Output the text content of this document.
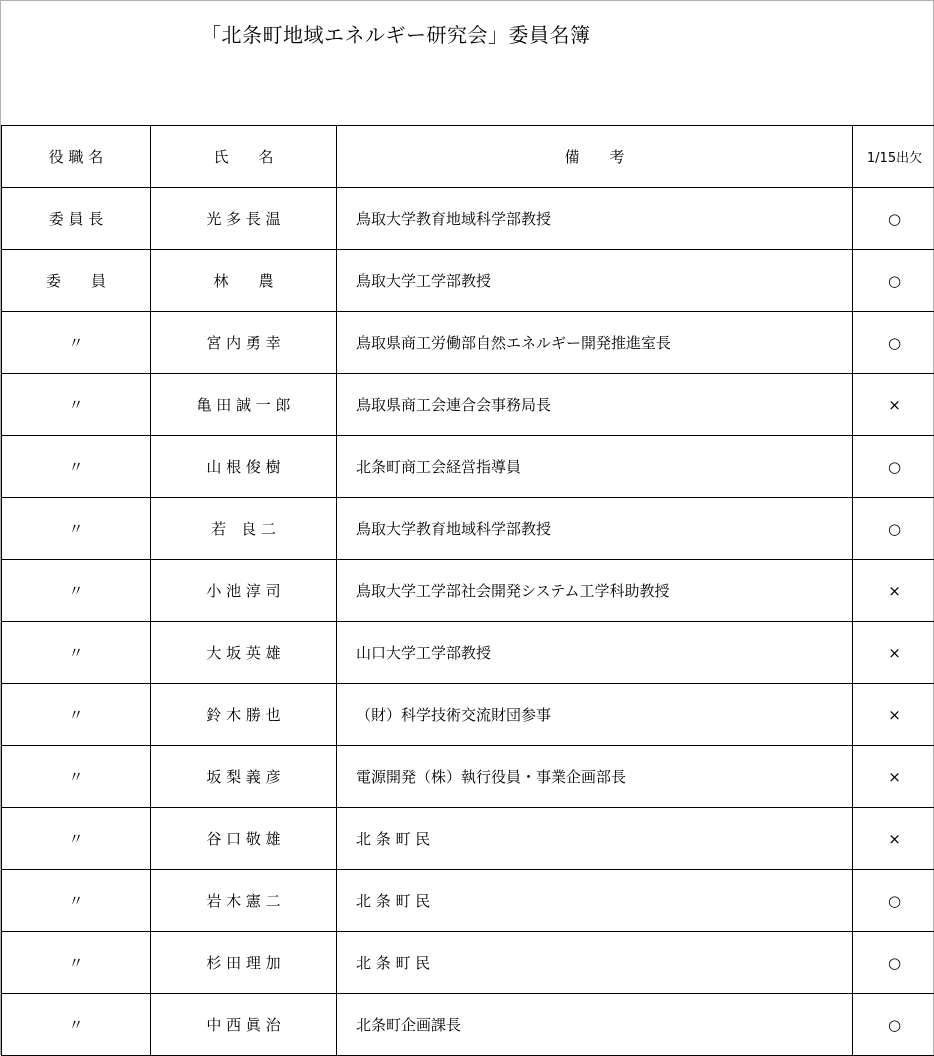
「北条町地域エネルギー研究会」委員名簿
役 職 名	氏　　名	備　　考	1/15出欠
委 員 長	光 多 長 温	鳥取大学教育地域科学部教授	○
委　　員	林　　農	鳥取大学工学部教授	○
〃	宮 内 勇 幸	鳥取県商工労働部自然エネルギー開発推進室長	○
〃	亀 田 誠 一 郎	鳥取県商工会連合会事務局長	×
〃	山 根 俊 樹	北条町商工会経営指導員	○
〃	若　良 二	鳥取大学教育地域科学部教授	○
〃	小 池 淳 司	鳥取大学工学部社会開発システム工学科助教授	×
〃	大 坂 英 雄	山口大学工学部教授	×
〃	鈴 木 勝 也	（財）科学技術交流財団参事	×
〃	坂 梨 義 彦	電源開発（株）執行役員・事業企画部長	×
〃	谷 口 敬 雄	北 条 町 民	×
〃	岩 木 憲 二	北 条 町 民	○
〃	杉 田 理 加	北 条 町 民	○
〃	中 西 眞 治	北条町企画課長	○
